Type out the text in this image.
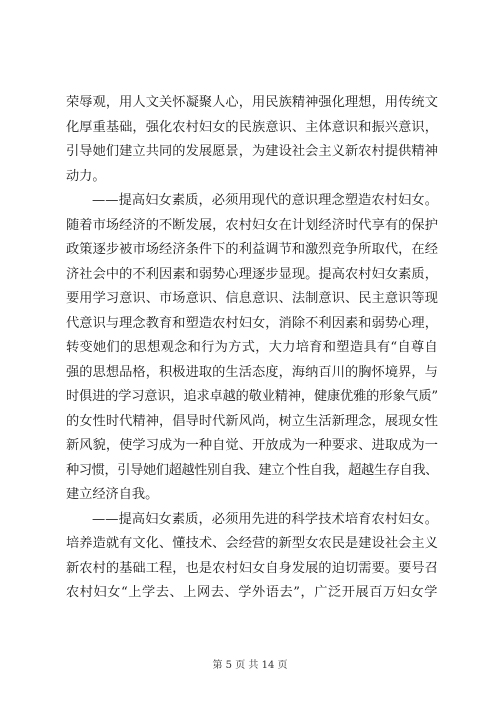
荣辱观，用人文关怀凝聚人心，用民族精神强化理想，用传统文
化厚重基础，强化农村妇女的民族意识、主体意识和振兴意识，
引导她们建立共同的发展愿景，为建设社会主义新农村提供精神
动力。
——提高妇女素质，必须用现代的意识理念塑造农村妇女。
随着市场经济的不断发展，农村妇女在计划经济时代享有的保护
政策逐步被市场经济条件下的利益调节和激烈竞争所取代，在经
济社会中的不利因素和弱势心理逐步显现。提高农村妇女素质，
要用学习意识、市场意识、信息意识、法制意识、民主意识等现
代意识与理念教育和塑造农村妇女，消除不利因素和弱势心理，
转变她们的思想观念和行为方式，大力培育和塑造具有“自尊自
强的思想品格，积极进取的生活态度，海纳百川的胸怀境界，与
时俱进的学习意识，追求卓越的敬业精神，健康优雅的形象气质”
的女性时代精神，倡导时代新风尚，树立生活新理念，展现女性
新风貌，使学习成为一种自觉、开放成为一种要求、进取成为一
种习惯，引导她们超越性别自我、建立个性自我，超越生存自我、
建立经济自我。
——提高妇女素质，必须用先进的科学技术培育农村妇女。
培养造就有文化、懂技术、会经营的新型女农民是建设社会主义
新农村的基础工程，也是农村妇女自身发展的迫切需要。要号召
农村妇女“上学去、上网去、学外语去”，广泛开展百万妇女学
第 5 页 共 14 页
